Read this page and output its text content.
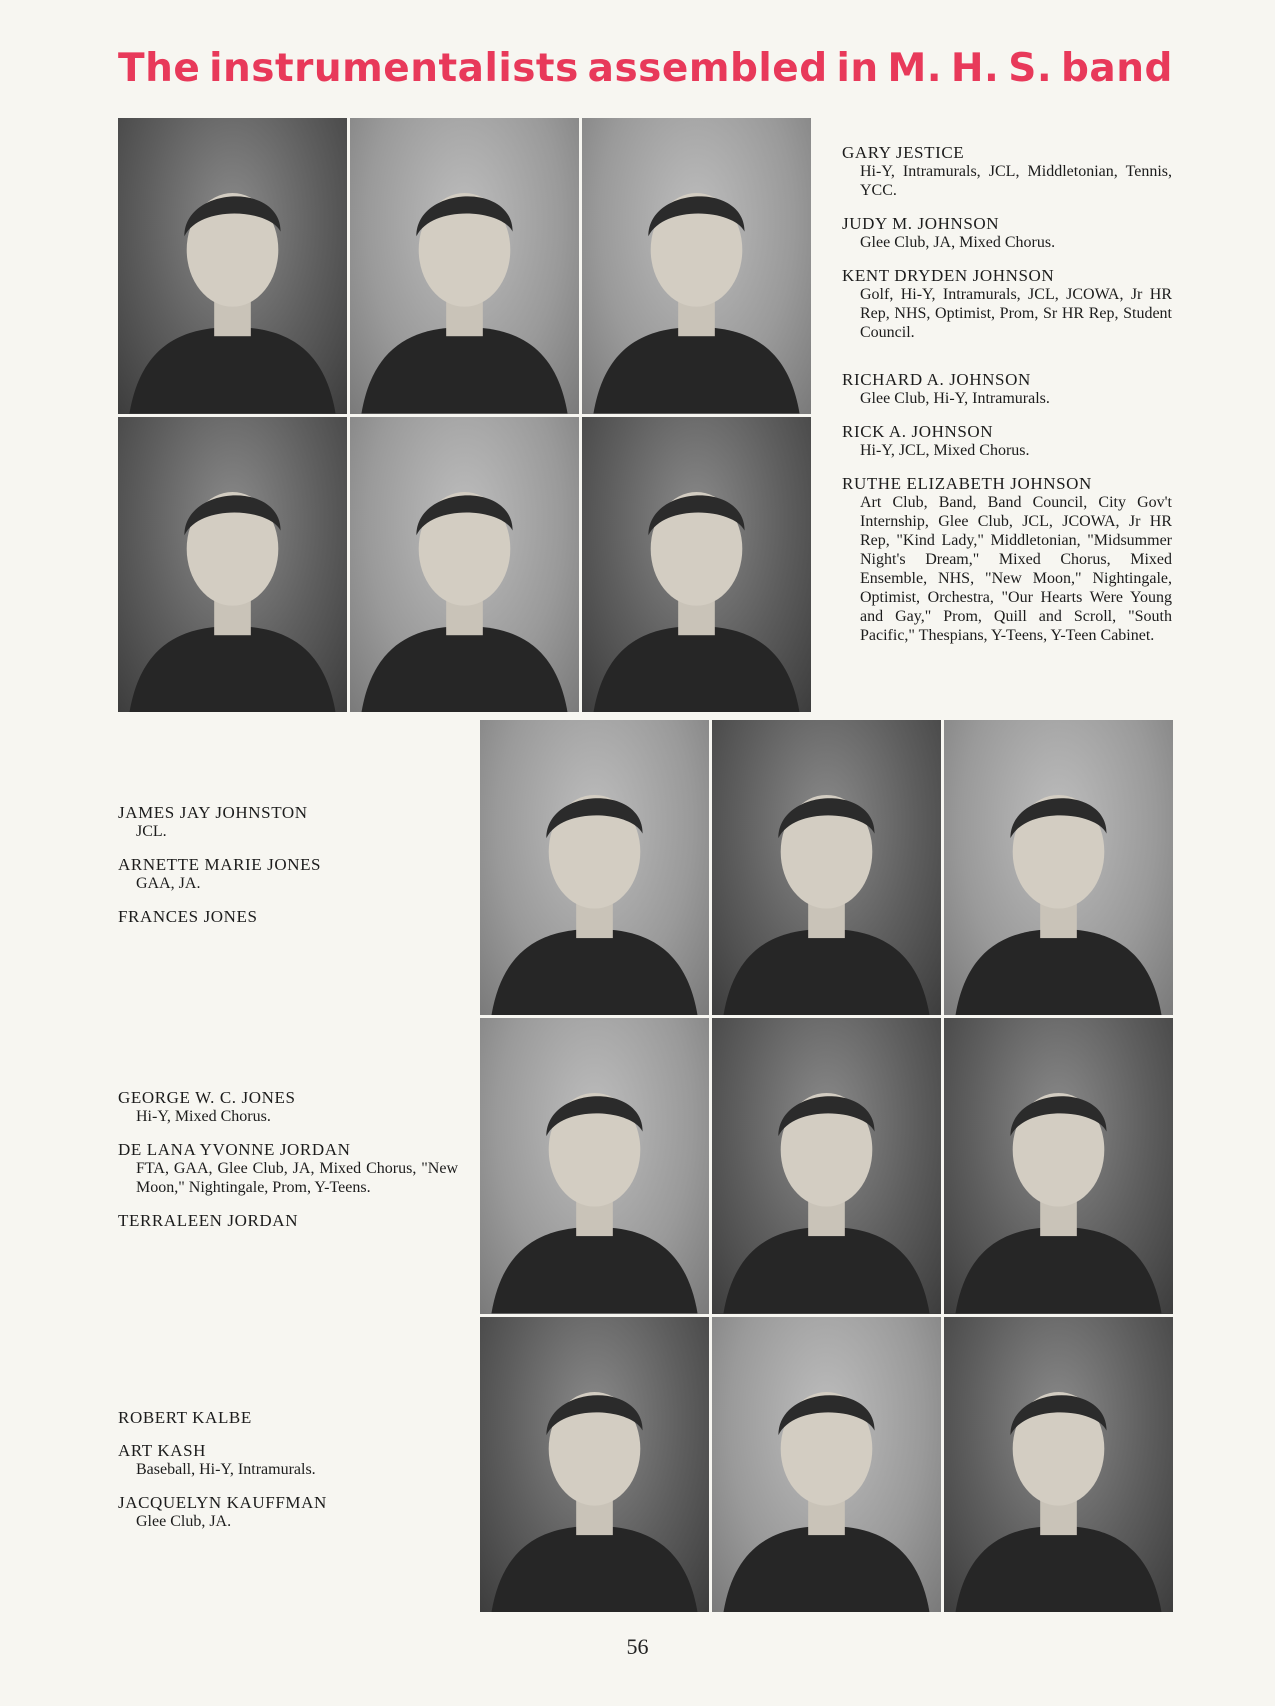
The instrumentalists assembled in M. H. S. band
GARY JESTICE
Hi-Y, Intramurals, JCL, Middletonian, Tennis, YCC.
JUDY M. JOHNSON
Glee Club, JA, Mixed Chorus.
KENT DRYDEN JOHNSON
Golf, Hi-Y, Intramurals, JCL, JCOWA, Jr HR Rep, NHS, Optimist, Prom, Sr HR Rep, Student Council.
RICHARD A. JOHNSON
Glee Club, Hi-Y, Intramurals.
RICK A. JOHNSON
Hi-Y, JCL, Mixed Chorus.
RUTHE ELIZABETH JOHNSON
Art Club, Band, Band Council, City Gov't Internship, Glee Club, JCL, JCOWA, Jr HR Rep, "Kind Lady," Middletonian, "Midsummer Night's Dream," Mixed Chorus, Mixed Ensemble, NHS, "New Moon," Nightingale, Optimist, Orchestra, "Our Hearts Were Young and Gay," Prom, Quill and Scroll, "South Pacific," Thespians, Y-Teens, Y-Teen Cabinet.
JAMES JAY JOHNSTON
JCL.
ARNETTE MARIE JONES
GAA, JA.
FRANCES JONES
GEORGE W. C. JONES
Hi-Y, Mixed Chorus.
DE LANA YVONNE JORDAN
FTA, GAA, Glee Club, JA, Mixed Chorus, "New Moon," Nightingale, Prom, Y-Teens.
TERRALEEN JORDAN
ROBERT KALBE
ART KASH
Baseball, Hi-Y, Intramurals.
JACQUELYN KAUFFMAN
Glee Club, JA.
56
